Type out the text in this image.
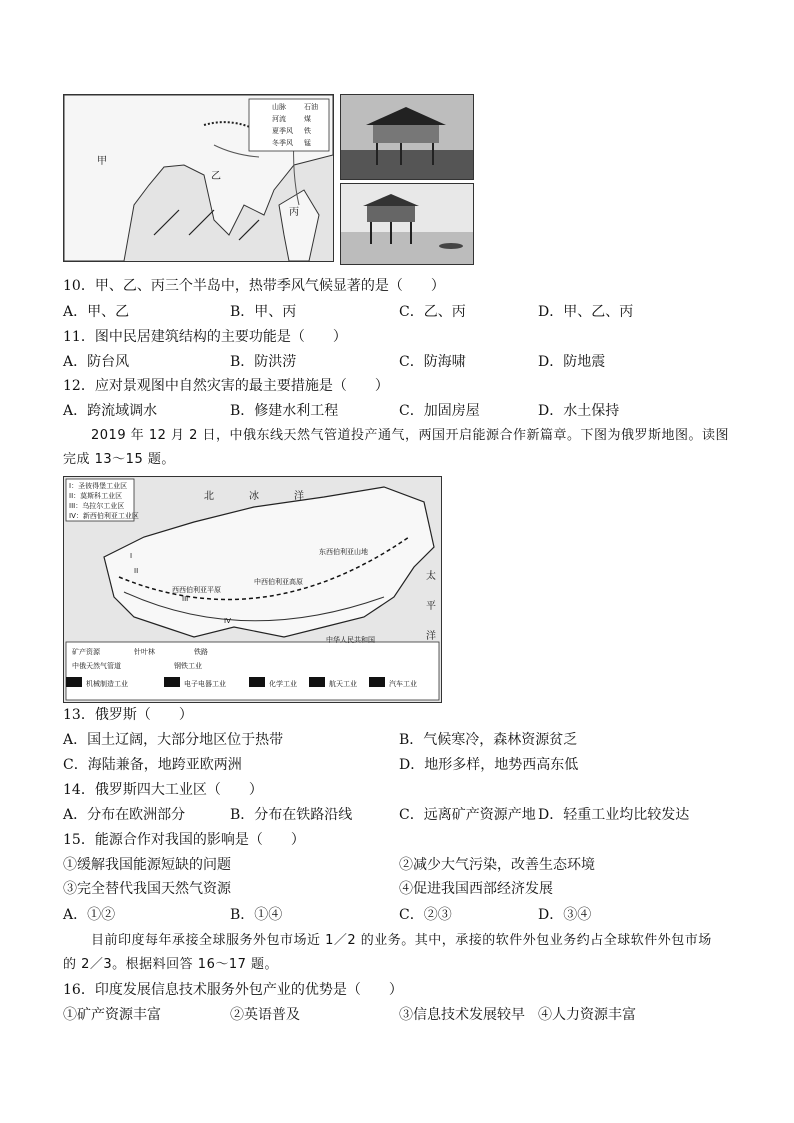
甲
乙
丙
山脉	石油
河流	煤
夏季风 铁
冬季风 锰
10．甲、乙、丙三个半岛中，热带季风气候显著的是（　　）
A．甲、乙	B．甲、丙	C．乙、丙	D．甲、乙、丙
11．图中民居建筑结构的主要功能是（　　）
A．防台风	B．防洪涝	C．防海啸	D．防地震
12．应对景观图中自然灾害的最主要措施是（　　）
A．跨流域调水	B．修建水利工程	C．加固房屋	D．水土保持
2019 年 12 月 2 日，中俄东线天然气管道投产通气，两国开启能源合作新篇章。下图为俄罗斯地图。读图
完成 13～15 题。
I：圣彼得堡工业区
II：莫斯科工业区
III：乌拉尔工业区
IV：新西伯利亚工业区
北	冰	洋
太
平
洋
西西伯利亚平原
中西伯利亚高原
东西伯利亚山地
I
II
III
IV
中华人民共和国
矿产资源	针叶林	铁路
中俄天然气管道	钢铁工业
机械制造工业	电子电器工业	化学工业	航天工业	汽车工业
13．俄罗斯（　　）
A．国土辽阔，大部分地区位于热带	B．气候寒冷，森林资源贫乏
C．海陆兼备，地跨亚欧两洲	D．地形多样，地势西高东低
14．俄罗斯四大工业区（　　）
A．分布在欧洲部分	B．分布在铁路沿线	C．远离矿产资源产地 D．轻重工业均比较发达
15．能源合作对我国的影响是（　　）
①缓解我国能源短缺的问题	②减少大气污染，改善生态环境
③完全替代我国天然气资源	④促进我国西部经济发展
A．①②	B．①④	C．②③	D．③④
目前印度每年承接全球服务外包市场近 1／2 的业务。其中，承接的软件外包业务约占全球软件外包市场
的 2／3。根据料回答 16～17 题。
16．印度发展信息技术服务外包产业的优势是（　　）
①矿产资源丰富	②英语普及	③信息技术发展较早 ④人力资源丰富
